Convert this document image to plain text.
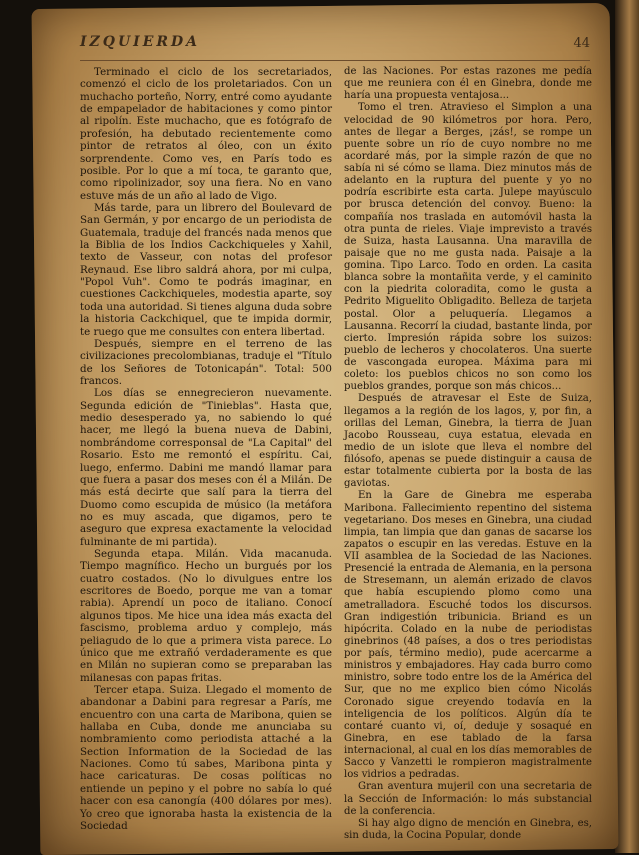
IZQUIERDA	44

Terminado el ciclo de los secretariados, comenzó el ciclo de los proletariados. Con un muchacho porteño, Norry, entré como ayudante de empapelador de habitaciones y como pintor al ripolín. Este muchacho, que es fotógrafo de profesión, ha debutado recientemente como pintor de retratos al óleo, con un éxito sorprendente. Como ves, en París todo es posible. Por lo que a mí toca, te garanto que, como ripolinizador, soy una fiera. No en vano estuve más de un año al lado de Vigo.

Más tarde, para un librero del Boulevard de San Germán, y por encargo de un periodista de Guatemala, traduje del francés nada menos que la Biblia de los Indios Cackchiqueles y Xahil, texto de Vasseur, con notas del profesor Reynaud. Ese libro saldrá ahora, por mi culpa, "Popol Vuh". Como te podrás imaginar, en cuestiones Cackchiqueles, modestia aparte, soy toda una autoridad. Si tienes alguna duda sobre la historia Cackchiquel, que te impida dormir, te ruego que me consultes con entera libertad.

Después, siempre en el terreno de las civilizaciones precolombianas, traduje el "Título de los Señores de Totonicapán". Total: 500 francos.

Los días se ennegrecieron nuevamente. Segunda edición de "Tinieblas". Hasta que, medio desesperado ya, no sabiendo lo qué hacer, me llegó la buena nueva de Dabini, nombrándome corresponsal de "La Capital" del Rosario. Esto me remontó el espíritu. Cai, luego, enfermo. Dabini me mandó llamar para que fuera a pasar dos meses con él a Milán. De más está decirte que salí para la tierra del Duomo como escupida de músico (la metáfora no es muy ascada, que digamos, pero te aseguro que expresa exactamente la velocidad fulminante de mi partida).

Segunda etapa. Milán. Vida macanuda. Tiempo magnífico. Hecho un burgués por los cuatro costados. (No lo divulgues entre los escritores de Boedo, porque me van a tomar rabia). Aprendí un poco de italiano. Conocí algunos tipos. Me hice una idea más exacta del fascismo, problema arduo y complejo, más peliagudo de lo que a primera vista parece. Lo único que me extrañó verdaderamente es que en Milán no supieran como se preparaban las milanesas con papas fritas.

Tercer etapa. Suiza. Llegado el momento de abandonar a Dabini para regresar a París, me encuentro con una carta de Maribona, quien se hallaba en Cuba, donde me anunciaba su nombramiento como periodista attaché a la Section Information de la Sociedad de las Naciones. Como tú sabes, Maribona pinta y hace caricaturas. De cosas políticas no entiende un pepino y el pobre no sabía lo qué hacer con esa canongía (400 dólares por mes). Yo creo que ignoraba hasta la existencia de la Sociedad

de las Naciones. Por estas razones me pedía que me reuniera con él en Ginebra, donde me haría una propuesta ventajosa...

Tomo el tren. Atravieso el Simplon a una velocidad de 90 kilómetros por hora. Pero, antes de llegar a Berges, ¡zás!, se rompe un puente sobre un río de cuyo nombre no me acordaré más, por la simple razón de que no sabía ni sé cómo se llama. Diez minutos más de adelanto en la ruptura del puente y yo no podría escribirte esta carta. Julepe mayúsculo por brusca detención del convoy. Bueno: la compañía nos traslada en automóvil hasta la otra punta de rieles. Viaje imprevisto a través de Suiza, hasta Lausanna. Una maravilla de paisaje que no me gusta nada. Paisaje a la gomina. Tipo Larco. Todo en orden. La casita blanca sobre la montañita verde, y el caminito con la piedrita coloradita, como le gusta a Pedrito Miguelito Obligadito. Belleza de tarjeta postal. Olor a peluquería. Llegamos a Lausanna. Recorrí la ciudad, bastante linda, por cierto. Impresión rápida sobre los suizos: pueblo de lecheros y chocolateros. Una suerte de vascongada europea. Máxima para mi coleto: los pueblos chicos no son como los pueblos grandes, porque son más chicos...

Después de atravesar el Este de Suiza, llegamos a la región de los lagos, y, por fin, a orillas del Leman, Ginebra, la tierra de Juan Jacobo Rousseau, cuya estatua, elevada en medio de un islote que lleva el nombre del filósofo, apenas se puede distinguir a causa de estar totalmente cubierta por la bosta de las gaviotas.

En la Gare de Ginebra me esperaba Maribona. Fallecimiento repentino del sistema vegetariano. Dos meses en Ginebra, una ciudad limpia, tan limpia que dan ganas de sacarse los zapatos o escupir en las veredas. Estuve en la VII asamblea de la Sociedad de las Naciones. Presencié la entrada de Alemania, en la persona de Stresemann, un alemán erizado de clavos que había escupiendo plomo como una ametralladora. Escuché todos los discursos. Gran indigestión tribunicia. Briand es un hipócrita. Colado en la nube de periodistas ginebrinos (48 países, a dos o tres periodistas por país, término medio), pude acercarme a ministros y embajadores. Hay cada burro como ministro, sobre todo entre los de la América del Sur, que no me explico bien cómo Nicolás Coronado sigue creyendo todavía en la inteligencia de los políticos. Algún día te contaré cuanto vi, oí, deduje y sosaqué en Ginebra, en ese tablado de la farsa internacional, al cual en los días memorables de Sacco y Vanzetti le rompieron magistralmente los vidrios a pedradas.

Gran aventura mujeril con una secretaria de la Sección de Información: lo más substancial de la conferencia.

Si hay algo digno de mención en Ginebra, es, sin duda, la Cocina Popular, donde
